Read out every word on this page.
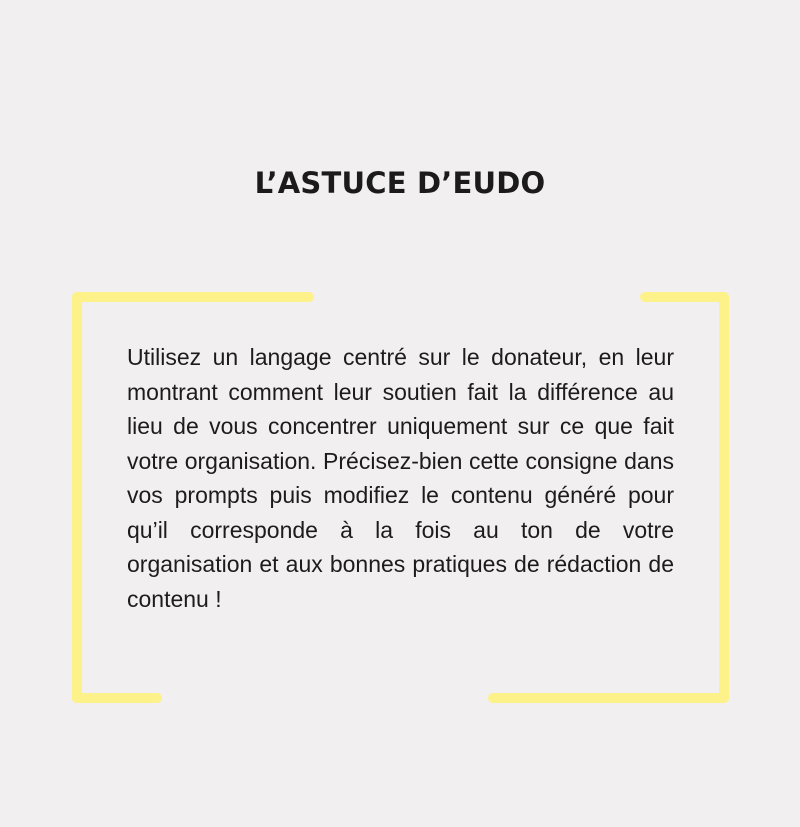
L’ASTUCE D’EUDO

Utilisez un langage centré sur le donateur, en leur montrant comment leur soutien fait la différence au lieu de vous concentrer uniquement sur ce que fait votre organisation. Précisez-bien cette consigne dans vos prompts puis modifiez le contenu généré pour qu’il corresponde à la fois au ton de votre organisation et aux bonnes pratiques de rédaction de contenu !
